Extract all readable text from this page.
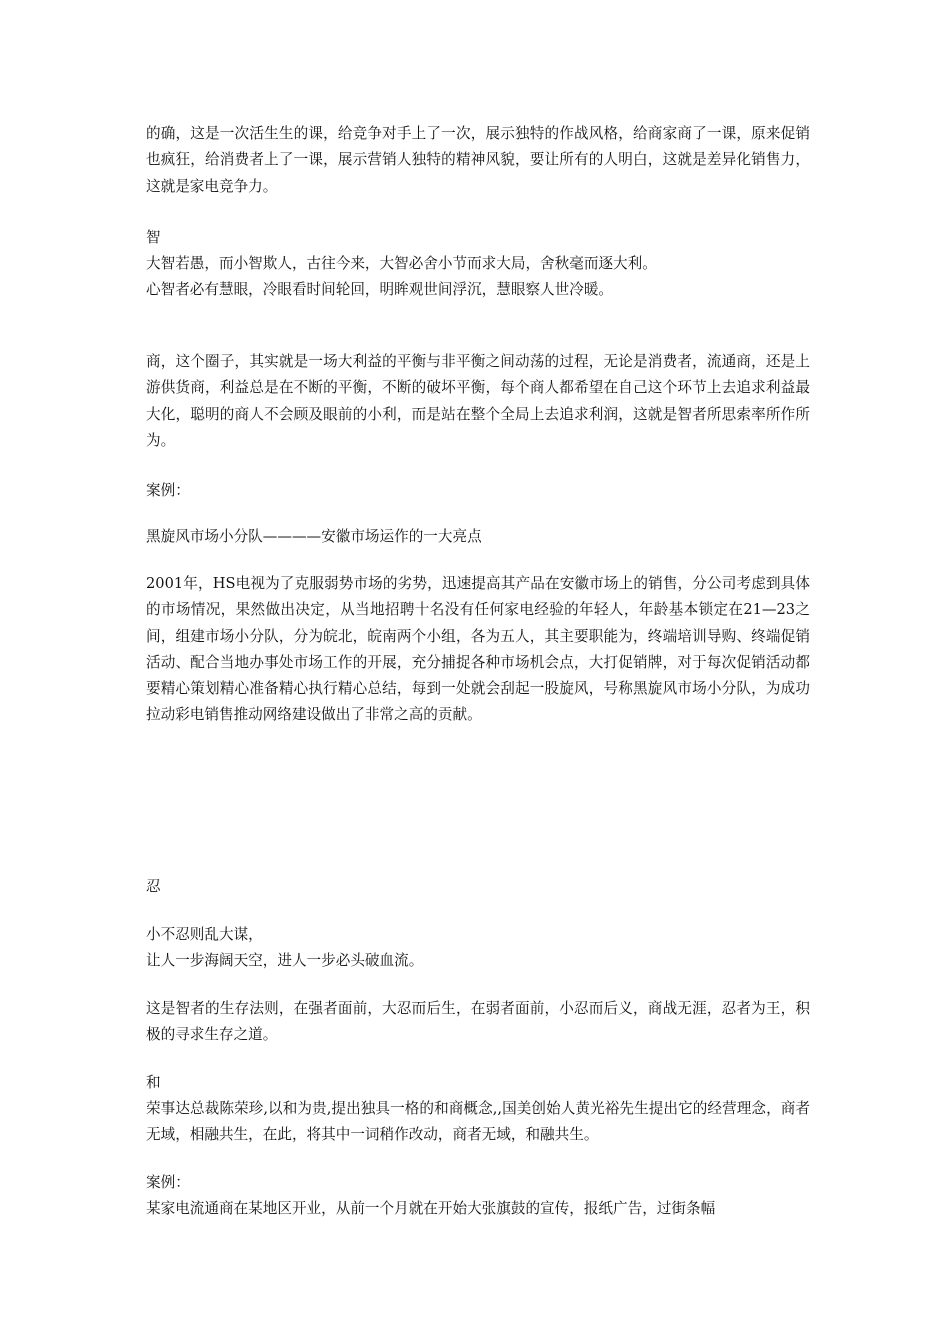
的确，这是一次活生生的课，给竞争对手上了一次，展示独特的作战风格，给商家商了一课，原来促销也疯狂，给消费者上了一课，展示营销人独特的精神风貌，要让所有的人明白，这就是差异化销售力，这就是家电竞争力。

智

大智若愚，而小智欺人，古往今来，大智必舍小节而求大局，舍秋毫而逐大利。

心智者必有慧眼，冷眼看时间轮回，明眸观世间浮沉，慧眼察人世冷暖。

商，这个圈子，其实就是一场大利益的平衡与非平衡之间动荡的过程，无论是消费者，流通商，还是上游供货商，利益总是在不断的平衡，不断的破坏平衡，每个商人都希望在自己这个环节上去追求利益最大化，聪明的商人不会顾及眼前的小利，而是站在整个全局上去追求利润，这就是智者所思索率所作所为。

案例：

黑旋风市场小分队————安徽市场运作的一大亮点

2001年，HS电视为了克服弱势市场的劣势，迅速提高其产品在安徽市场上的销售，分公司考虑到具体的市场情况，果然做出决定，从当地招聘十名没有任何家电经验的年轻人，年龄基本锁定在21—23之间，组建市场小分队，分为皖北，皖南两个小组，各为五人，其主要职能为，终端培训导购、终端促销活动、配合当地办事处市场工作的开展，充分捕捉各种市场机会点，大打促销牌，对于每次促销活动都要精心策划精心准备精心执行精心总结，每到一处就会刮起一股旋风，号称黑旋风市场小分队，为成功拉动彩电销售推动网络建设做出了非常之高的贡献。

忍

小不忍则乱大谋，

让人一步海阔天空，进人一步必头破血流。

这是智者的生存法则，在强者面前，大忍而后生，在弱者面前，小忍而后义，商战无涯，忍者为王，积极的寻求生存之道。

和

荣事达总裁陈荣珍,以和为贵,提出独具一格的和商概念,,国美创始人黄光裕先生提出它的经营理念，商者无域，相融共生，在此，将其中一词稍作改动，商者无域，和融共生。

案例：

某家电流通商在某地区开业，从前一个月就在开始大张旗鼓的宣传，报纸广告，过街条幅
